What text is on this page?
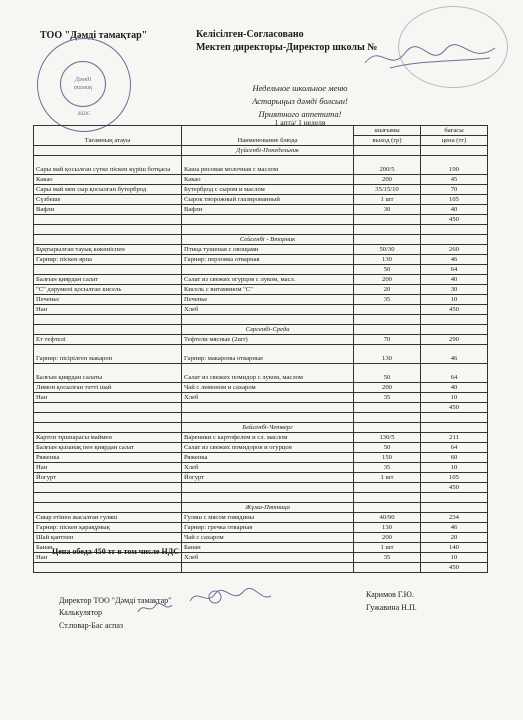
ТОО "Дәмді тамақтар"	Келісілген-Согласовано
Мектеп директоры-Директор школы №
Дәмді
тамақ
ЖШС
Недельное школьное меню
Астарыңыз дәмді болсын!
Приятного аппетита!
1 апта/ 1 неделя
Тағамның атауы	Наименование блюда	шығымы	бағасы
		выход (гр)	цена (тг)
	Дүйсенбі-Понедельник		
Сары май қосылған сүтке піскен күріш ботқасы	Каша рисовая молочная с маслом	200/5	190
Какао	Какао	200	45
Сары май мен сыр қосылған бутерброд	Бутерброд с сыром и маслом	35/15/10	70
Сүзбеше	Сырок творожный глазированный	1 шт	105
Вафли	Вафли	30	40
			450

	Сейсенбі - Вторник		
Бұқтырылған тауық көкөніспен	Птица тушеная с овощами	50/30	260
Гарнир: піскен ярпа	Гарнир: перловка отварная	130	46
		50	64
Балғын қиярдан салат	Салат из свежих огурцов с луком, масл.	200	40
"С" дәруменi қосылған кисель	Кисель с витамином "С"	20	30
Печенье	Печенье	35	10
Нан	Хлеб		450

	Сәрсенбі-Среда		
Ет тефтелі	Тефтели мясные (2шт)	70	290
Гарнир: пісірілген макарон	Гарнир: макароны отварные	130	46
Балғын қиярдан салаты	Салат из свежих помидор с луком, маслом	50	64
Лимон қосылған тәтті шай	Чай с лимоном и сахаром	200	40
Нан	Хлеб	35	10
			450

	Бейсенбі-Четверг		
Картоп тұшпарасы маймен	Вареники с картофелем и сл. маслом	130/5	211
Балғын қызанақ пен қиярдан салат	Салат из свежих помидоров и огурцов	50	64
Ряженка	Ряженка	150	60
Нан	Хлеб	35	10
Йогурт	Йогурт	1 шт	105
			450

	Жұма-Пятница		
Сиыр етінен жасалған гуляш	Гуляш с мясом говядины	40/90	234
Гарнир: піскен қарақұмық	Гарнир: гречка отварная	130	46
Шай қантпен	Чай с сахаром	200	20
Банан	Банан	1 шт	140
Нан	Хлеб	35	10
			450
Цена обеда 450 тг в том числе НДС
Директор ТОО "Дәмді тамақтар"
Калькулятор
Ст.повар-Бас аспаз
Каримов Г.Ю.
Гужавина Н.П.
